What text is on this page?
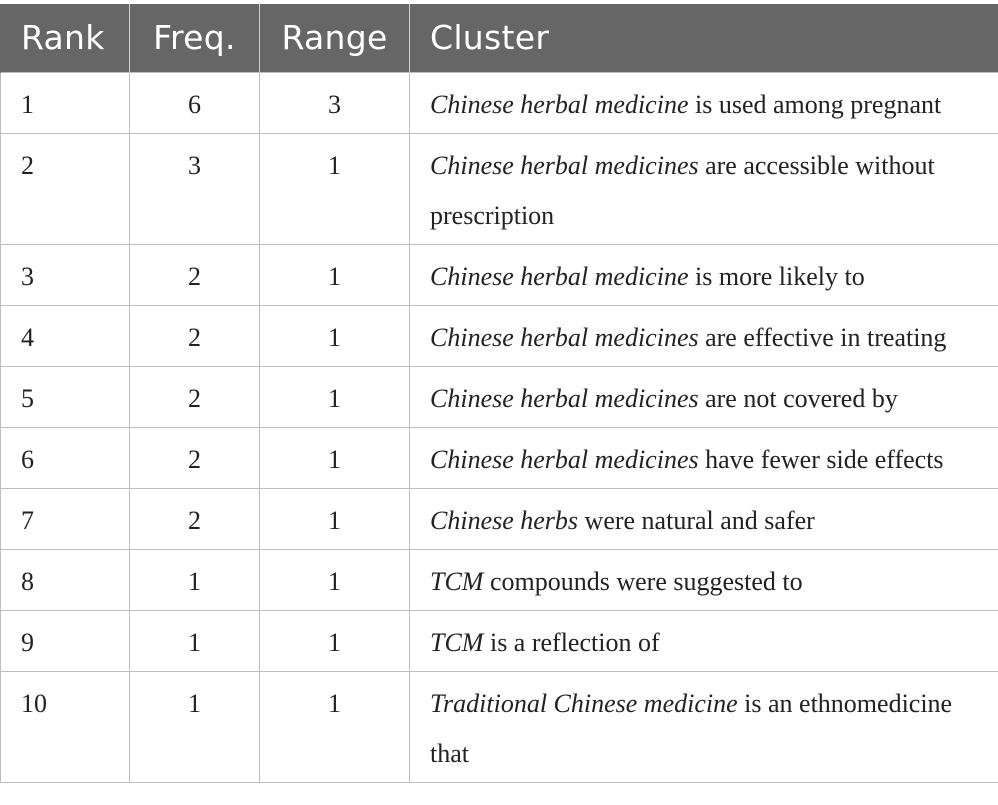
Rank	Freq.	Range	Cluster
1	6	3	Chinese herbal medicine is used among pregnant
2	3	1	Chinese herbal medicines are accessible without prescription
3	2	1	Chinese herbal medicine is more likely to
4	2	1	Chinese herbal medicines are effective in treating
5	2	1	Chinese herbal medicines are not covered by
6	2	1	Chinese herbal medicines have fewer side effects
7	2	1	Chinese herbs were natural and safer
8	1	1	TCM compounds were suggested to
9	1	1	TCM is a reflection of
10	1	1	Traditional Chinese medicine is an ethnomedicine that
